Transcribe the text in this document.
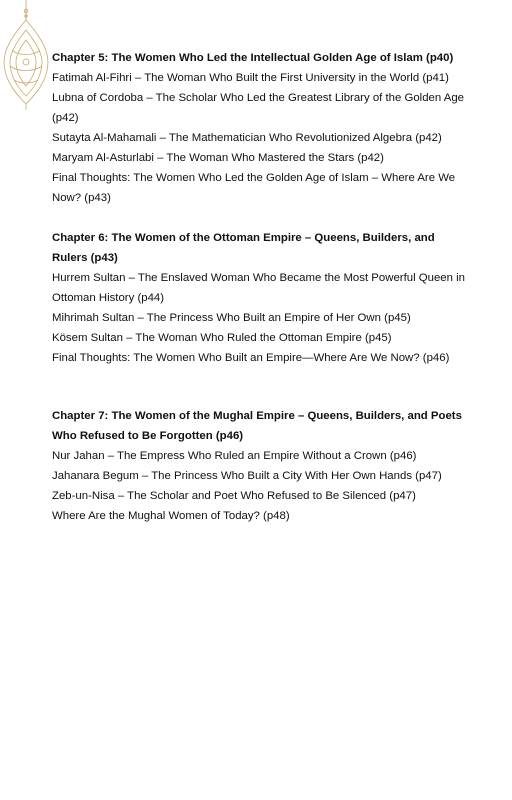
Chapter 5: The Women Who Led the Intellectual Golden Age of Islam (p40)

Fatimah Al-Fihri – The Woman Who Built the First University in the World (p41)

Lubna of Cordoba – The Scholar Who Led the Greatest Library of the Golden Age (p42)

Sutayta Al-Mahamali – The Mathematician Who Revolutionized Algebra (p42)

Maryam Al-Asturlabi – The Woman Who Mastered the Stars (p42)

Final Thoughts: The Women Who Led the Golden Age of Islam – Where Are We Now? (p43)

Chapter 6: The Women of the Ottoman Empire – Queens, Builders, and Rulers (p43)

Hurrem Sultan – The Enslaved Woman Who Became the Most Powerful Queen in Ottoman History (p44)

Mihrimah Sultan – The Princess Who Built an Empire of Her Own (p45)

Kösem Sultan – The Woman Who Ruled the Ottoman Empire (p45)

Final Thoughts: The Women Who Built an Empire—Where Are We Now? (p46)

Chapter 7: The Women of the Mughal Empire – Queens, Builders, and Poets Who Refused to Be Forgotten (p46)

Nur Jahan – The Empress Who Ruled an Empire Without a Crown (p46)

Jahanara Begum – The Princess Who Built a City With Her Own Hands (p47)

Zeb-un-Nisa – The Scholar and Poet Who Refused to Be Silenced (p47)

Where Are the Mughal Women of Today? (p48)
